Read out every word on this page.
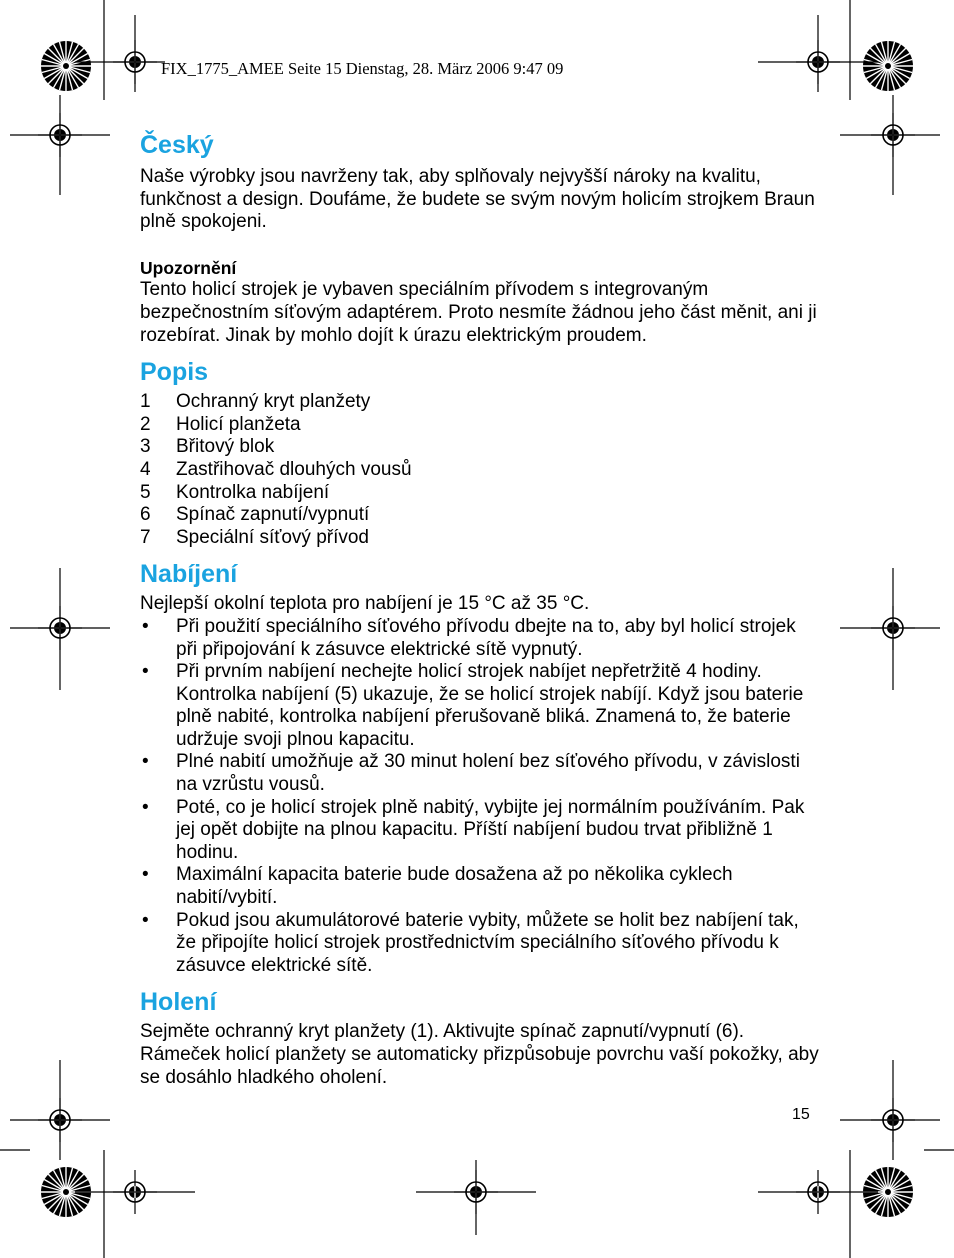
FIX_1775_AMEE Seite 15 Dienstag, 28. März 2006 9:47 09

Český

Naše výrobky jsou navrženy tak, aby splňovaly nejvyšší nároky na kvalitu, funkčnost a design. Doufáme, že budete se svým novým holicím strojkem Braun plně spokojeni.

Upozornění

Tento holicí strojek je vybaven speciálním přívodem s integrovaným bezpečnostním síťovým adaptérem. Proto nesmíte žádnou jeho část měnit, ani ji rozebírat. Jinak by mohlo dojít k úrazu elektrickým proudem.

Popis
1 Ochranný kryt planžety
2 Holicí planžeta
3 Břitový blok
4 Zastřihovač dlouhých vousů
5 Kontrolka nabíjení
6 Spínač zapnutí/vypnutí
7 Speciální síťový přívod
Nabíjení

Nejlepší okolní teplota pro nabíjení je 15 °C až 35 °C.

• Při použití speciálního síťového přívodu dbejte na to, aby byl holicí strojek při připojování k zásuvce elektrické sítě vypnutý.
• Při prvním nabíjení nechejte holicí strojek nabíjet nepřetržitě 4 hodiny. Kontrolka nabíjení (5) ukazuje, že se holicí strojek nabíjí. Když jsou baterie plně nabité, kontrolka nabíjení přerušovaně bliká. Znamená to, že baterie udržuje svoji plnou kapacitu.
• Plné nabití umožňuje až 30 minut holení bez síťového přívodu, v závislosti na vzrůstu vousů.
• Poté, co je holicí strojek plně nabitý, vybijte jej normálním používáním. Pak jej opět dobijte na plnou kapacitu. Příští nabíjení budou trvat přibližně 1 hodinu.
• Maximální kapacita baterie bude dosažena až po několika cyklech nabití/vybití.
• Pokud jsou akumulátorové baterie vybity, můžete se holit bez nabíjení tak, že připojíte holicí strojek prostřednictvím speciálního síťového přívodu k zásuvce elektrické sítě.
Holení

Sejměte ochranný kryt planžety (1). Aktivujte spínač zapnutí/vypnutí (6). Rámeček holicí planžety se automaticky přizpůsobuje povrchu vaší pokožky, aby se dosáhlo hladkého oholení.

15
